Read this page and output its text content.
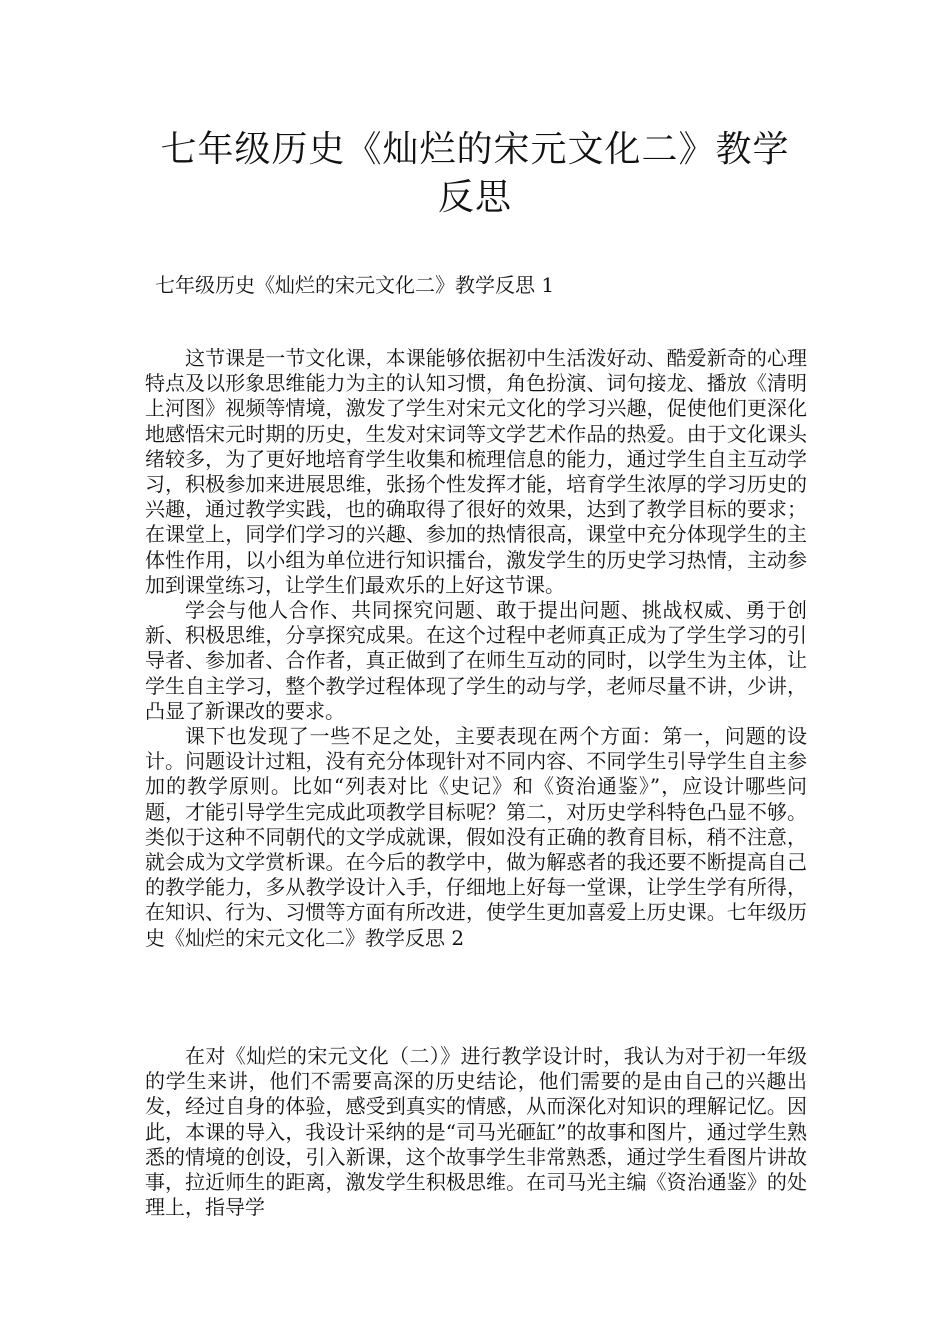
七年级历史《灿烂的宋元文化二》教学反思
七年级历史《灿烂的宋元文化二》教学反思 1

这节课是一节文化课，本课能够依据初中生活泼好动、酷爱新奇的心理特点及以形象思维能力为主的认知习惯，角色扮演、词句接龙、播放《清明上河图》视频等情境，激发了学生对宋元文化的学习兴趣，促使他们更深化地感悟宋元时期的历史，生发对宋词等文学艺术作品的热爱。由于文化课头绪较多，为了更好地培育学生收集和梳理信息的能力，通过学生自主互动学习，积极参加来进展思维，张扬个性发挥才能，培育学生浓厚的学习历史的兴趣，通过教学实践，也的确取得了很好的效果，达到了教学目标的要求；在课堂上，同学们学习的兴趣、参加的热情很高，课堂中充分体现学生的主体性作用，以小组为单位进行知识擂台，激发学生的历史学习热情，主动参加到课堂练习，让学生们最欢乐的上好这节课。

学会与他人合作、共同探究问题、敢于提出问题、挑战权威、勇于创新、积极思维，分享探究成果。在这个过程中老师真正成为了学生学习的引导者、参加者、合作者，真正做到了在师生互动的同时，以学生为主体，让学生自主学习，整个教学过程体现了学生的动与学，老师尽量不讲，少讲，凸显了新课改的要求。

课下也发现了一些不足之处，主要表现在两个方面：第一，问题的设计。问题设计过粗，没有充分体现针对不同内容、不同学生引导学生自主参加的教学原则。比如“列表对比《史记》和《资治通鉴》”，应设计哪些问题，才能引导学生完成此项教学目标呢？第二，对历史学科特色凸显不够。类似于这种不同朝代的文学成就课，假如没有正确的教育目标，稍不注意，就会成为文学赏析课。在今后的教学中，做为解惑者的我还要不断提高自己的教学能力，多从教学设计入手，仔细地上好每一堂课，让学生学有所得，在知识、行为、习惯等方面有所改进，使学生更加喜爱上历史课。七年级历史《灿烂的宋元文化二》教学反思 2

在对《灿烂的宋元文化（二）》进行教学设计时，我认为对于初一年级的学生来讲，他们不需要高深的历史结论，他们需要的是由自己的兴趣出发，经过自身的体验，感受到真实的情感，从而深化对知识的理解记忆。因此，本课的导入，我设计采纳的是“司马光砸缸”的故事和图片，通过学生熟悉的情境的创设，引入新课，这个故事学生非常熟悉，通过学生看图片讲故事，拉近师生的距离，激发学生积极思维。在司马光主编《资治通鉴》的处理上，指导学
